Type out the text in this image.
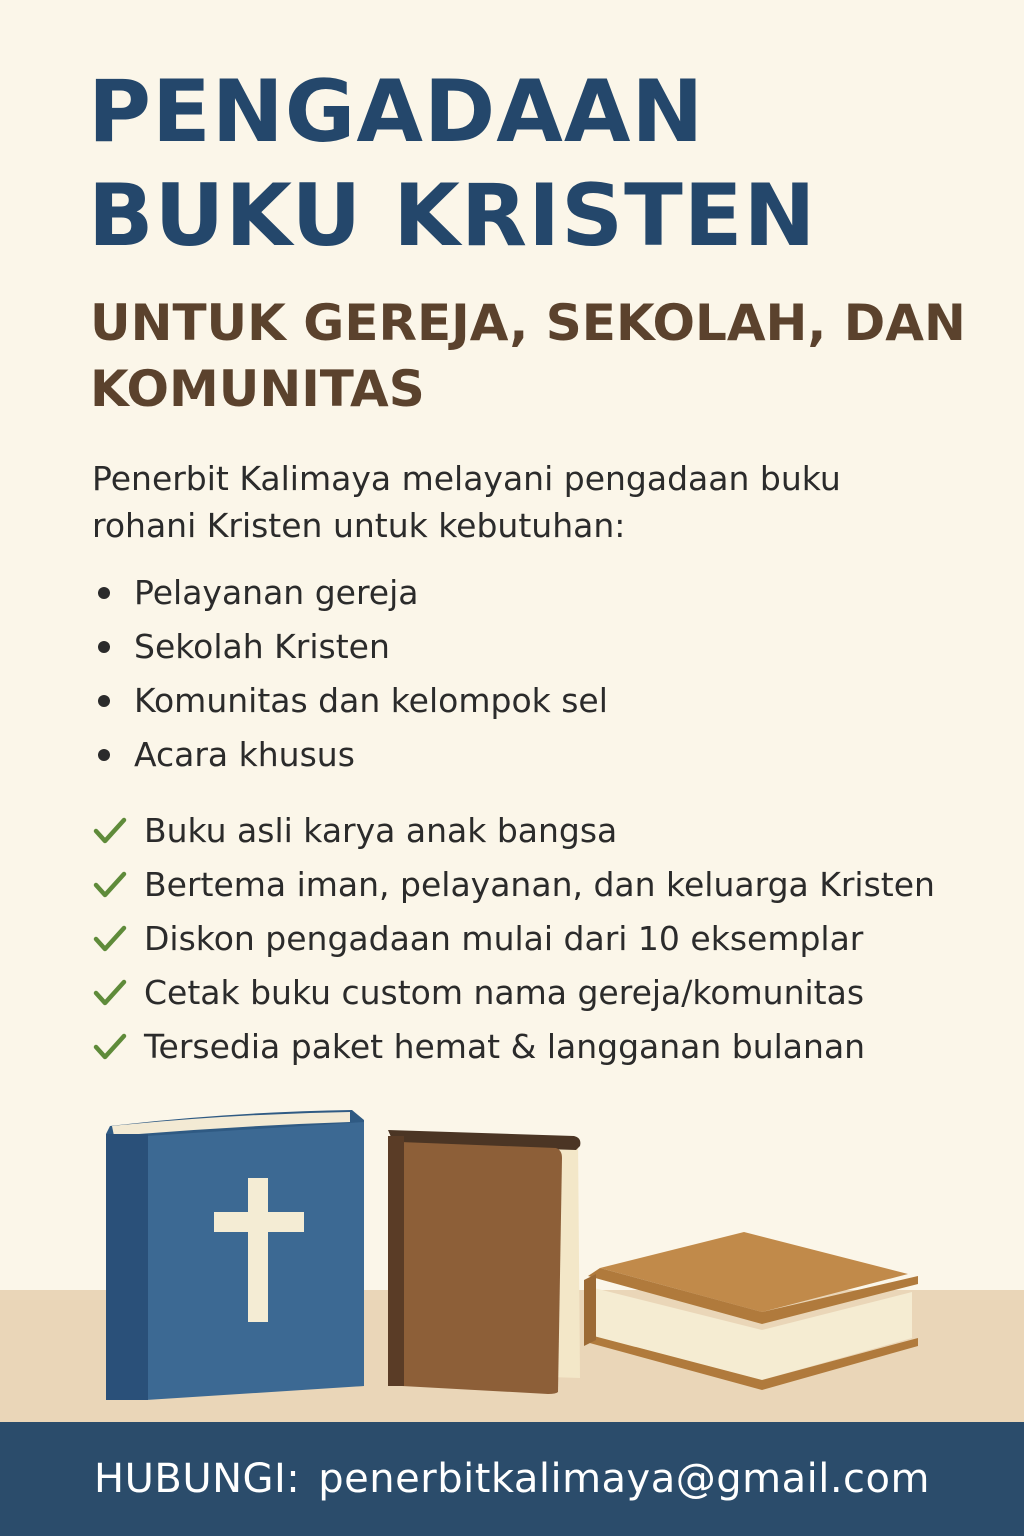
PENGADAAN BUKU KRISTEN
UNTUK GEREJA, SEKOLAH, DAN KOMUNITAS

Penerbit Kalimaya melayani pengadaan buku rohani Kristen untuk kebutuhan:

Pelayanan gereja
Sekolah Kristen
Komunitas dan kelompok sel
Acara khusus
Buku asli karya anak bangsa
Bertema iman, pelayanan, dan keluarga Kristen
Diskon pengadaan mulai dari 10 eksemplar
Cetak buku custom nama gereja/komunitas
Tersedia paket hemat & langganan bulanan
HUBUNGI: penerbitkalimaya@gmail.com
